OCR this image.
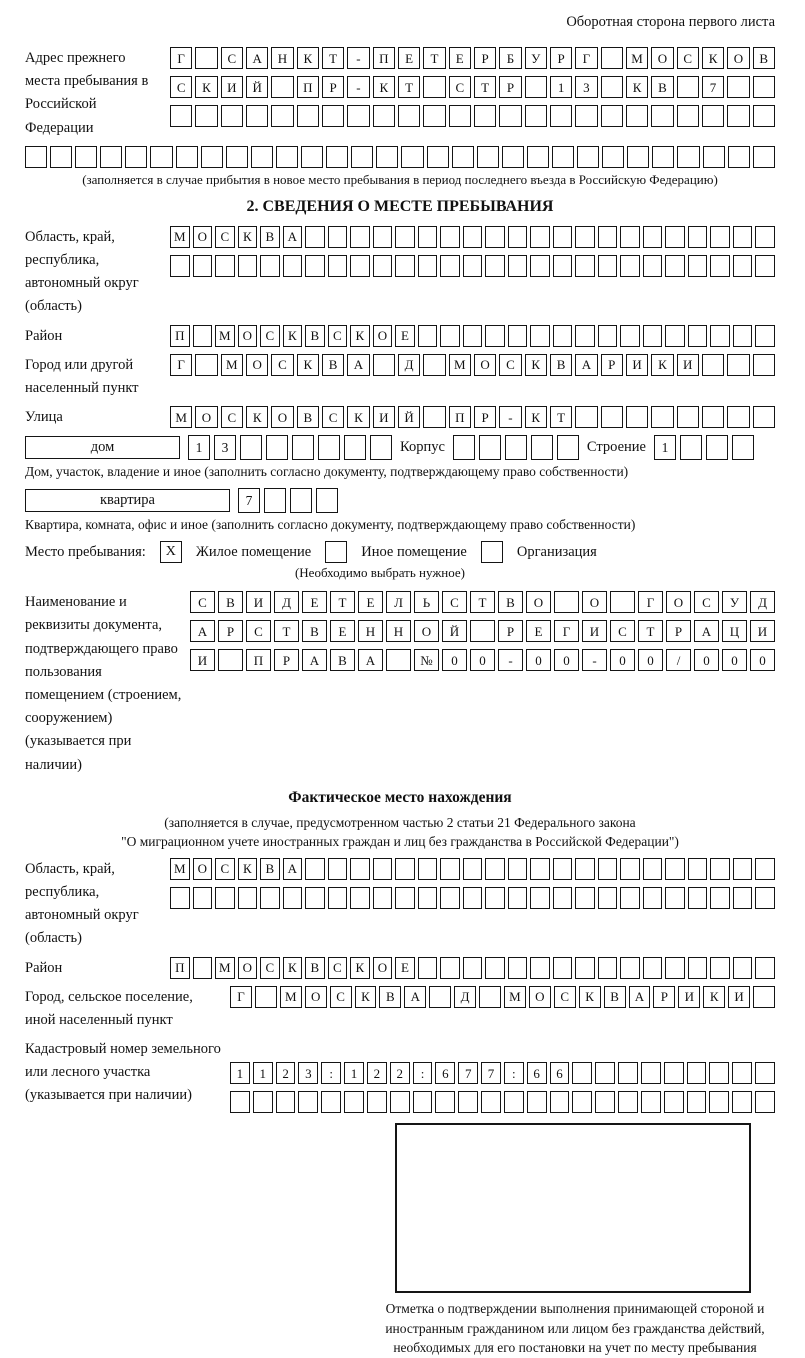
Оборотная сторона первого листа
Адрес прежнего места пребывания в Российской Федерации
Г	С	А	Н	К	Т	-	П	Е	Т	Е	Р	Б	У	Р	Г	М	О	С	К	О	В
С	К	И	Й	П	Р	-	К	Т	С	Т	Р	1	3	К	В	7
(заполняется в случае прибытия в новое место пребывания в период последнего въезда в Российскую Федерацию)
2. СВЕДЕНИЯ О МЕСТЕ ПРЕБЫВАНИЯ
Область, край, республика, автономный округ (область)
М О	С	К	В	А
Район	П	М О	С	К	В	С	К	О	Е
Город или другой населенный пункт
Г	М	О	С	К	В	А	Д	М	О	С	К	В	А	Р	И	К	И
Улица	М	О	С	К	О	В	С	К	И	Й	П	Р	-	К	Т
дом	1	3	Корпус	Строение	1
Дом, участок, владение и иное (заполнить согласно документу, подтверждающему право собственности)
квартира	7
Квартира, комната, офис и иное (заполнить согласно документу, подтверждающему право собственности)
Место пребывания:	X	Жилое помещение	Иное помещение	Организация
(Необходимо выбрать нужное)
Наименование и реквизиты документа, подтверждающего право пользования помещением (строением, сооружением) (указывается при наличии)
С	В	И	Д	Е	Т	Е	Л	Ь	С	Т	В	О	О	Г	О	С	У	Д
А	Р	С	Т	В	Е	Н	Н	О	Й	Р	Е	Г	И	С	Т	Р	А	Ц	И
И	П	Р	А	В	А	№	0	0	-	0	0	-	0	0	/	0	0	0
Фактическое место нахождения
(заполняется в случае, предусмотренном частью 2 статьи 21 Федерального закона
"О миграционном учете иностранных граждан и лиц без гражданства в Российской Федерации")
Область, край, республика, автономный округ (область)
М О	С	К	В	А
Район	П	М О	С	К	В	С	К	О	Е
Город, сельское поселение, иной населенный пункт
Г	М	О	С	К	В	А	Д	М	О	С	К	В	А	Р	И	К	И
Кадастровый номер земельного или лесного участка (указывается при наличии)
1	1	2	3	:	1	2	2	:	6	7	7	:	6	6
Отметка о подтверждении выполнения принимающей стороной и иностранным гражданином или лицом без гражданства действий, необходимых для его постановки на учет по месту пребывания
